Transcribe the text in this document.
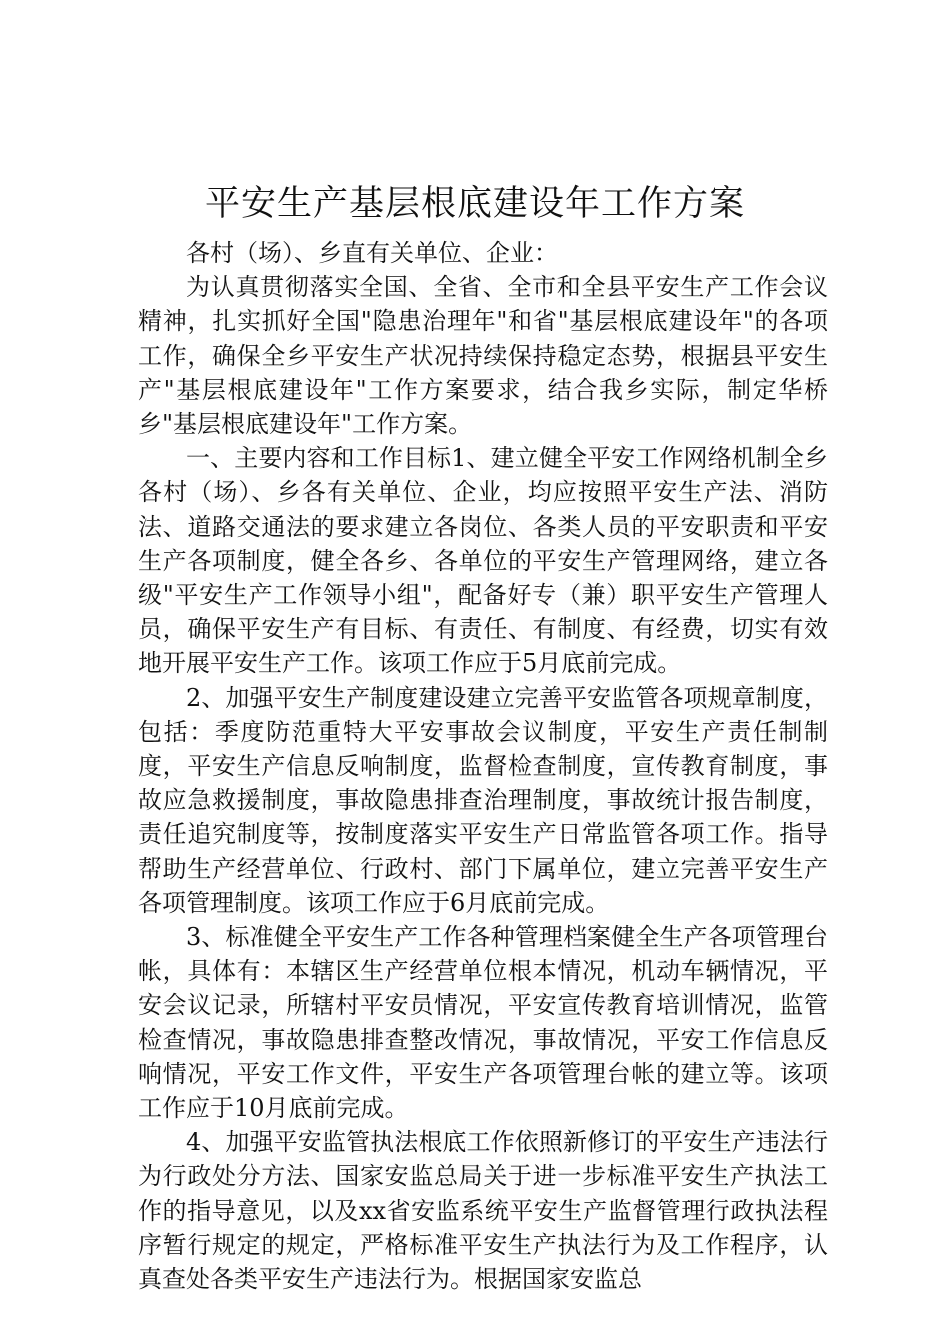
平安生产基层根底建设年工作方案

各村（场）、乡直有关单位、企业：

为认真贯彻落实全国、全省、全市和全县平安生产工作会议精神，扎实抓好全国"隐患治理年"和省"基层根底建设年"的各项工作，确保全乡平安生产状况持续保持稳定态势，根据县平安生产"基层根底建设年"工作方案要求，结合我乡实际，制定华桥乡"基层根底建设年"工作方案。

一、主要内容和工作目标1、建立健全平安工作网络机制全乡各村（场）、乡各有关单位、企业，均应按照平安生产法、消防法、道路交通法的要求建立各岗位、各类人员的平安职责和平安生产各项制度，健全各乡、各单位的平安生产管理网络，建立各级"平安生产工作领导小组"，配备好专（兼）职平安生产管理人员，确保平安生产有目标、有责任、有制度、有经费，切实有效地开展平安生产工作。该项工作应于5月底前完成。

2、加强平安生产制度建设建立完善平安监管各项规章制度，包括：季度防范重特大平安事故会议制度，平安生产责任制制度，平安生产信息反响制度，监督检查制度，宣传教育制度，事故应急救援制度，事故隐患排查治理制度，事故统计报告制度，责任追究制度等，按制度落实平安生产日常监管各项工作。指导帮助生产经营单位、行政村、部门下属单位，建立完善平安生产各项管理制度。该项工作应于6月底前完成。

3、标准健全平安生产工作各种管理档案健全生产各项管理台帐，具体有：本辖区生产经营单位根本情况，机动车辆情况，平安会议记录，所辖村平安员情况，平安宣传教育培训情况，监管检查情况，事故隐患排查整改情况，事故情况，平安工作信息反响情况，平安工作文件，平安生产各项管理台帐的建立等。该项工作应于10月底前完成。

4、加强平安监管执法根底工作依照新修订的平安生产违法行为行政处分方法、国家安监总局关于进一步标准平安生产执法工作的指导意见，以及xx省安监系统平安生产监督管理行政执法程序暂行规定的规定，严格标准平安生产执法行为及工作程序，认真查处各类平安生产违法行为。根据国家安监总
